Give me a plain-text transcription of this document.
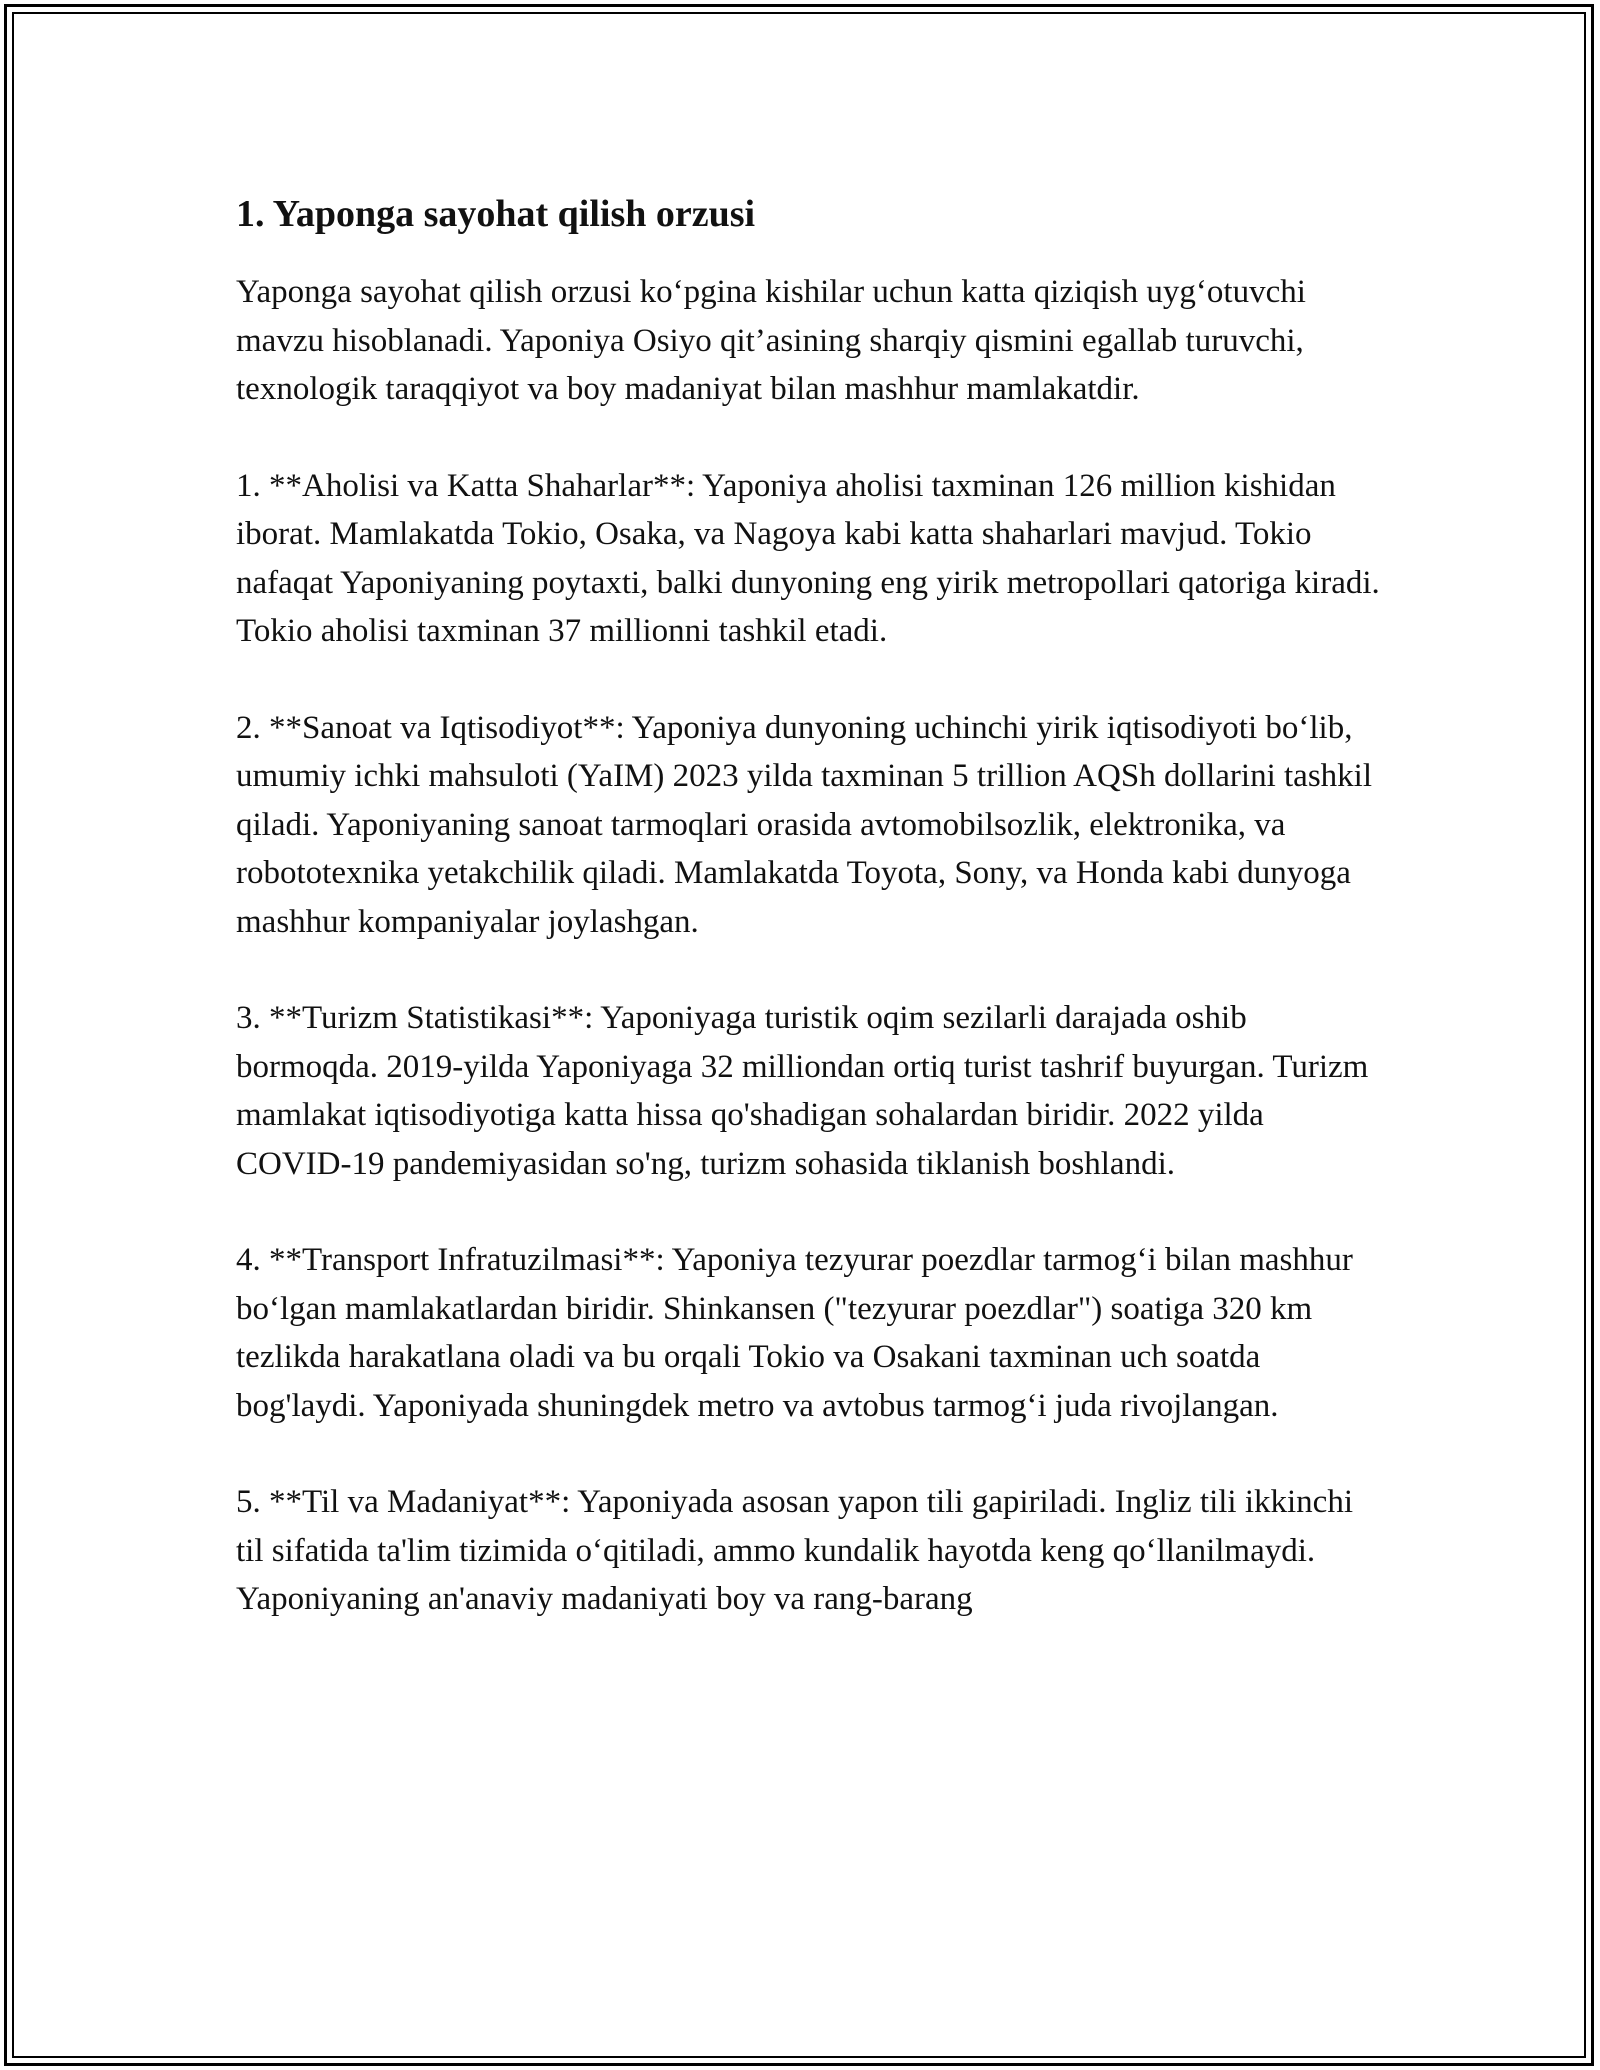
1. Yaponga sayohat qilish orzusi

Yaponga sayohat qilish orzusi ko‘pgina kishilar uchun katta qiziqish uyg‘otuvchi mavzu hisoblanadi. Yaponiya Osiyo qit’asining sharqiy qismini egallab turuvchi, texnologik taraqqiyot va boy madaniyat bilan mashhur mamlakatdir.

1. **Aholisi va Katta Shaharlar**: Yaponiya aholisi taxminan 126 million kishidan iborat. Mamlakatda Tokio, Osaka, va Nagoya kabi katta shaharlari mavjud. Tokio nafaqat Yaponiyaning poytaxti, balki dunyoning eng yirik metropollari qatoriga kiradi. Tokio aholisi taxminan 37 millionni tashkil etadi.

2. **Sanoat va Iqtisodiyot**: Yaponiya dunyoning uchinchi yirik iqtisodiyoti bo‘lib, umumiy ichki mahsuloti (YaIM) 2023 yilda taxminan 5 trillion AQSh dollarini tashkil qiladi. Yaponiyaning sanoat tarmoqlari orasida avtomobilsozlik, elektronika, va robototexnika yetakchilik qiladi. Mamlakatda Toyota, Sony, va Honda kabi dunyoga mashhur kompaniyalar joylashgan.

3. **Turizm Statistikasi**: Yaponiyaga turistik oqim sezilarli darajada oshib bormoqda. 2019-yilda Yaponiyaga 32 milliondan ortiq turist tashrif buyurgan. Turizm mamlakat iqtisodiyotiga katta hissa qo'shadigan sohalardan biridir. 2022 yilda COVID-19 pandemiyasidan so'ng, turizm sohasida tiklanish boshlandi.

4. **Transport Infratuzilmasi**: Yaponiya tezyurar poezdlar tarmog‘i bilan mashhur bo‘lgan mamlakatlardan biridir. Shinkansen ("tezyurar poezdlar") soatiga 320 km tezlikda harakatlana oladi va bu orqali Tokio va Osakani taxminan uch soatda bog'laydi. Yaponiyada shuningdek metro va avtobus tarmog‘i juda rivojlangan.

5. **Til va Madaniyat**: Yaponiyada asosan yapon tili gapiriladi. Ingliz tili ikkinchi til sifatida ta'lim tizimida o‘qitiladi, ammo kundalik hayotda keng qo‘llanilmaydi. Yaponiyaning an'anaviy madaniyati boy va rang-barang
